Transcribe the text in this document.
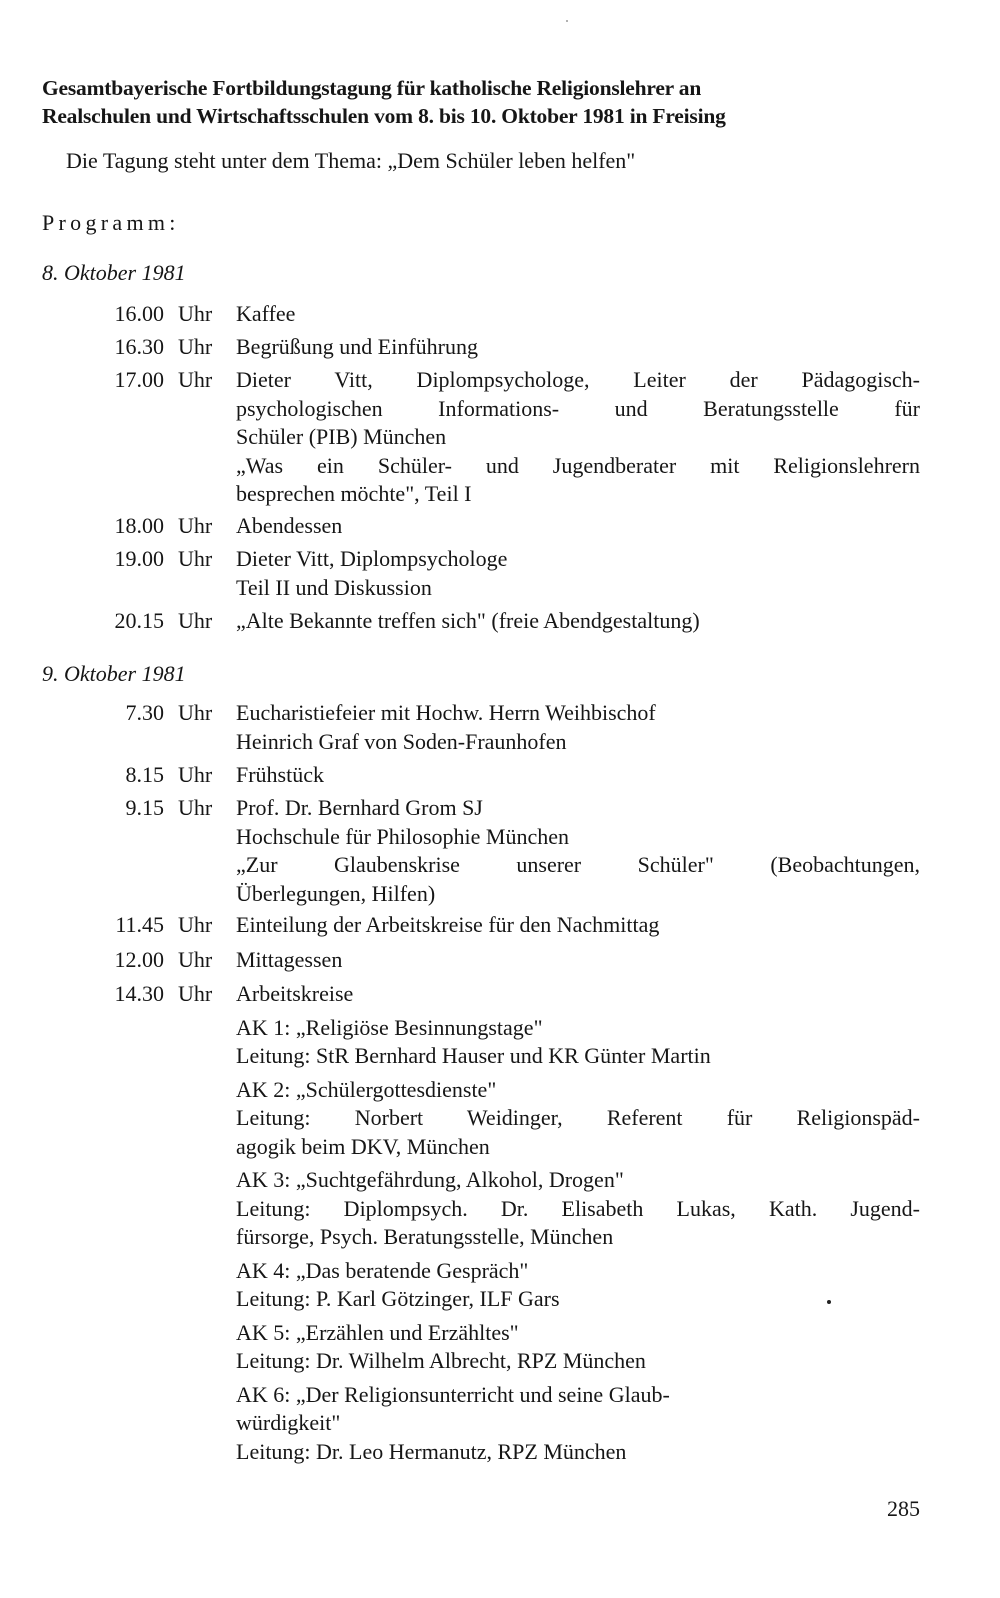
Gesamtbayerische Fortbildungstagung für katholische Religionslehrer an
Realschulen und Wirtschaftsschulen vom 8. bis 10. Oktober 1981 in Freising
Die Tagung steht unter dem Thema: „Dem Schüler leben helfen"
Programm:
8. Oktober 1981
16.00 Uhr Kaffee
16.30 Uhr Begrüßung und Einführung
17.00 Uhr Dieter Vitt, Diplompsychologe, Leiter der Pädagogisch-
psychologischen Informations- und Beratungsstelle für
Schüler (PIB) München
„Was ein Schüler- und Jugendberater mit Religionslehrern
besprechen möchte", Teil I
18.00 Uhr Abendessen
19.00 Uhr Dieter Vitt, Diplompsychologe
Teil II und Diskussion
20.15 Uhr „Alte Bekannte treffen sich" (freie Abendgestaltung)
9. Oktober 1981
7.30 Uhr Eucharistiefeier mit Hochw. Herrn Weihbischof
Heinrich Graf von Soden-Fraunhofen
8.15 Uhr Frühstück
9.15 Uhr Prof. Dr. Bernhard Grom SJ
Hochschule für Philosophie München
„Zur Glaubenskrise unserer Schüler" (Beobachtungen,
Überlegungen, Hilfen)
11.45 Uhr Einteilung der Arbeitskreise für den Nachmittag
12.00 Uhr Mittagessen
14.30 Uhr Arbeitskreise
AK 1: „Religiöse Besinnungstage"
Leitung: StR Bernhard Hauser und KR Günter Martin
AK 2: „Schülergottesdienste"
Leitung: Norbert Weidinger, Referent für Religionspäd-
agogik beim DKV, München
AK 3: „Suchtgefährdung, Alkohol, Drogen"
Leitung: Diplompsych. Dr. Elisabeth Lukas, Kath. Jugend-
fürsorge, Psych. Beratungsstelle, München
AK 4: „Das beratende Gespräch"
Leitung: P. Karl Götzinger, ILF Gars
AK 5: „Erzählen und Erzähltes"
Leitung: Dr. Wilhelm Albrecht, RPZ München
AK 6: „Der Religionsunterricht und seine Glaub-
würdigkeit"
Leitung: Dr. Leo Hermanutz, RPZ München
285
